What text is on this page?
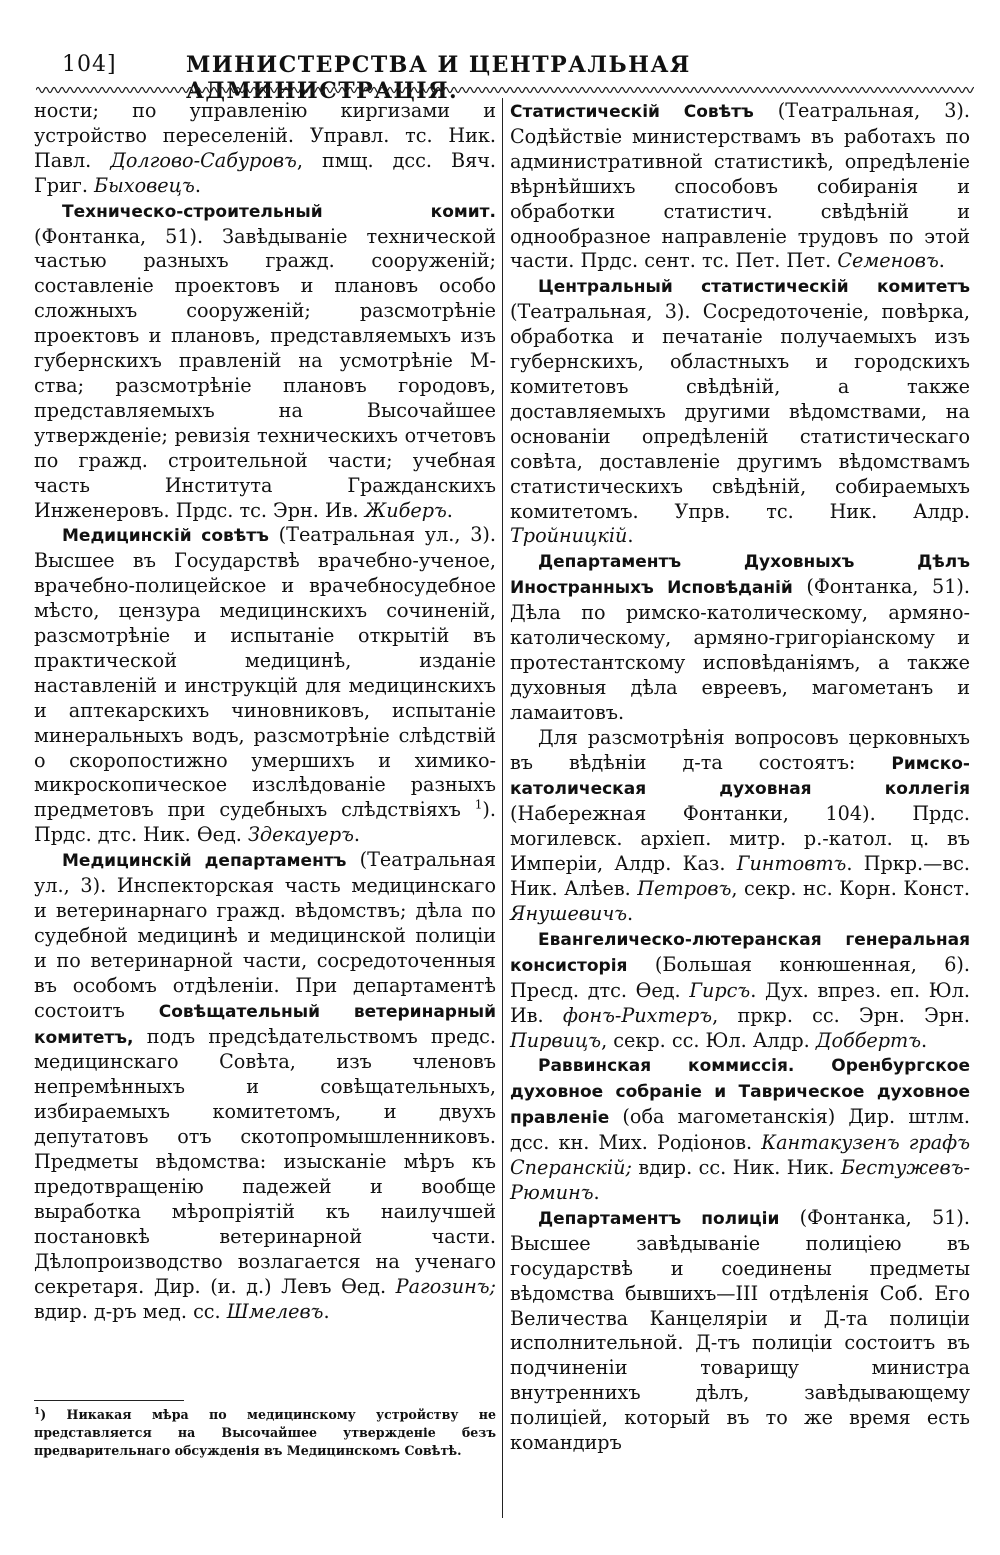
104]	МИНИСТЕРСТВА И ЦЕНТРАЛЬНАЯ АДМИНИСТРАЦІЯ.

ности; по управленію киргизами и устройство переселеній. Управл. тс. Ник. Павл. Долгово-Сабуровъ, пмщ. дсс. Вяч. Григ. Быховецъ.

Техническо-строительный комит. (Фонтанка, 51). Завѣдываніе технической частью разныхъ гражд. сооруженій; составленіе проектовъ и плановъ особо сложныхъ сооруженій; разсмотрѣніе проектовъ и плановъ, представляемыхъ изъ губернскихъ правленій на усмотрѣніе М-ства; разсмотрѣніе плановъ городовъ, представляемыхъ на Высочайшее утвержденіе; ревизія техническихъ отчетовъ по гражд. строительной части; учебная часть Института Гражданскихъ Инженеровъ. Прдс. тс. Эрн. Ив. Жиберъ.

Медицинскій совѣтъ (Театральная ул., 3). Высшее въ Государствѣ врачебно-ученое, врачебно-полицейское и врачебносудебное мѣсто, цензура медицинскихъ сочиненій, разсмотрѣніе и испытаніе открытій въ практической медицинѣ, изданіе наставленій и инструкцій для медицинскихъ и аптекарскихъ чиновниковъ, испытаніе минеральныхъ водъ, разсмотрѣніе слѣдствій о скоропостижно умершихъ и химико-микроскопическое изслѣдованіе разныхъ предметовъ при судебныхъ слѣдствіяхъ $^1$). Прдс. дтс. Ник. Ѳед. Здекауеръ.

Медицинскій департаментъ (Театральная ул., 3). Инспекторская часть медицинскаго и ветеринарнаго гражд. вѣдомствъ; дѣла по судебной медицинѣ и медицинской полиціи и по ветеринарной части, сосредоточенныя въ особомъ отдѣленіи. При департаментѣ состоитъ Совѣщательный ветеринарный комитетъ, подъ предсѣдательствомъ предс. медицинскаго Совѣта, изъ членовъ непремѣнныхъ и совѣщательныхъ, избираемыхъ комитетомъ, и двухъ депутатовъ отъ скотопромышленниковъ. Предметы вѣдомства: изысканіе мѣръ къ предотвращенію падежей и вообще выработка мѣропріятій къ наилучшей постановкѣ ветеринарной части. Дѣлопроизводство возлагается на ученаго секретаря. Дир. (и. д.) Левъ Ѳед. Рагозинъ; вдир. д-ръ мед. сс. Шмелевъ.

Статистическій Совѣтъ (Театральная, 3). Содѣйствіе министерствамъ въ работахъ по административной статистикѣ, опредѣленіе вѣрнѣйшихъ способовъ собиранія и обработки статистич. свѣдѣній и однообразное направленіе трудовъ по этой части. Прдс. сент. тс. Пет. Пет. Семеновъ.

Центральный статистическій комитетъ (Театральная, 3). Сосредоточеніе, повѣрка, обработка и печатаніе получаемыхъ изъ губернскихъ, областныхъ и городскихъ комитетовъ свѣдѣній, а также доставляемыхъ другими вѣдомствами, на основаніи опредѣленій статистическаго совѣта, доставленіе другимъ вѣдомствамъ статистическихъ свѣдѣній, собираемыхъ комитетомъ. Упрв. тс. Ник. Алдр. Тройницкій.

Департаментъ Духовныхъ Дѣлъ Иностранныхъ Исповѣданій (Фонтанка, 51). Дѣла по римско-католическому, армяно-католическому, армяно-григоріанскому и протестантскому исповѣданіямъ, а также духовныя дѣла евреевъ, магометанъ и ламаитовъ.

Для разсмотрѣнія вопросовъ церковныхъ въ вѣдѣніи д-та состоятъ: Римско-католическая духовная коллегія (Набережная Фонтанки, 104). Прдс. могилевск. архіеп. митр. р.-катол. ц. въ Имперіи, Алдр. Каз. Гинтовтъ. Пркр.—вс. Ник. Алѣев. Петровъ, секр. нс. Корн. Конст. Янушевичъ.

Евангелическо-лютеранская генеральная консисторія (Большая конюшенная, 6). Пресд. дтс. Ѳед. Гирсъ. Дух. впрез. еп. Юл. Ив. фонъ-Рихтеръ, пркр. сс. Эрн. Эрн. Пирвицъ, секр. сс. Юл. Алдр. Доббертъ.

Раввинская коммиссія. Оренбургское духовное собраніе и Таврическое духовное правленіе (оба магометанскія) Дир. штлм. дсс. кн. Мих. Родіонов. Кантакузенъ графъ Сперанскій; вдир. сс. Ник. Ник. Бестужевъ-Рюминъ.

Департаментъ полиціи (Фонтанка, 51). Высшее завѣдываніе полиціею въ государствѣ и соединены предметы вѣдомства бывшихъ—III отдѣленія Соб. Его Величества Канцеляріи и Д-та полиціи исполнительной. Д-тъ полиціи состоитъ въ подчиненіи товарищу министра внутреннихъ дѣлъ, завѣдывающему полиціей, который въ то же время есть командиръ

$^1$) Никакая мѣра по медицинскому устройству не представляется на Высочайшее утвержденіе безъ предварительнаго обсужденія въ Медицинскомъ Совѣтѣ.
